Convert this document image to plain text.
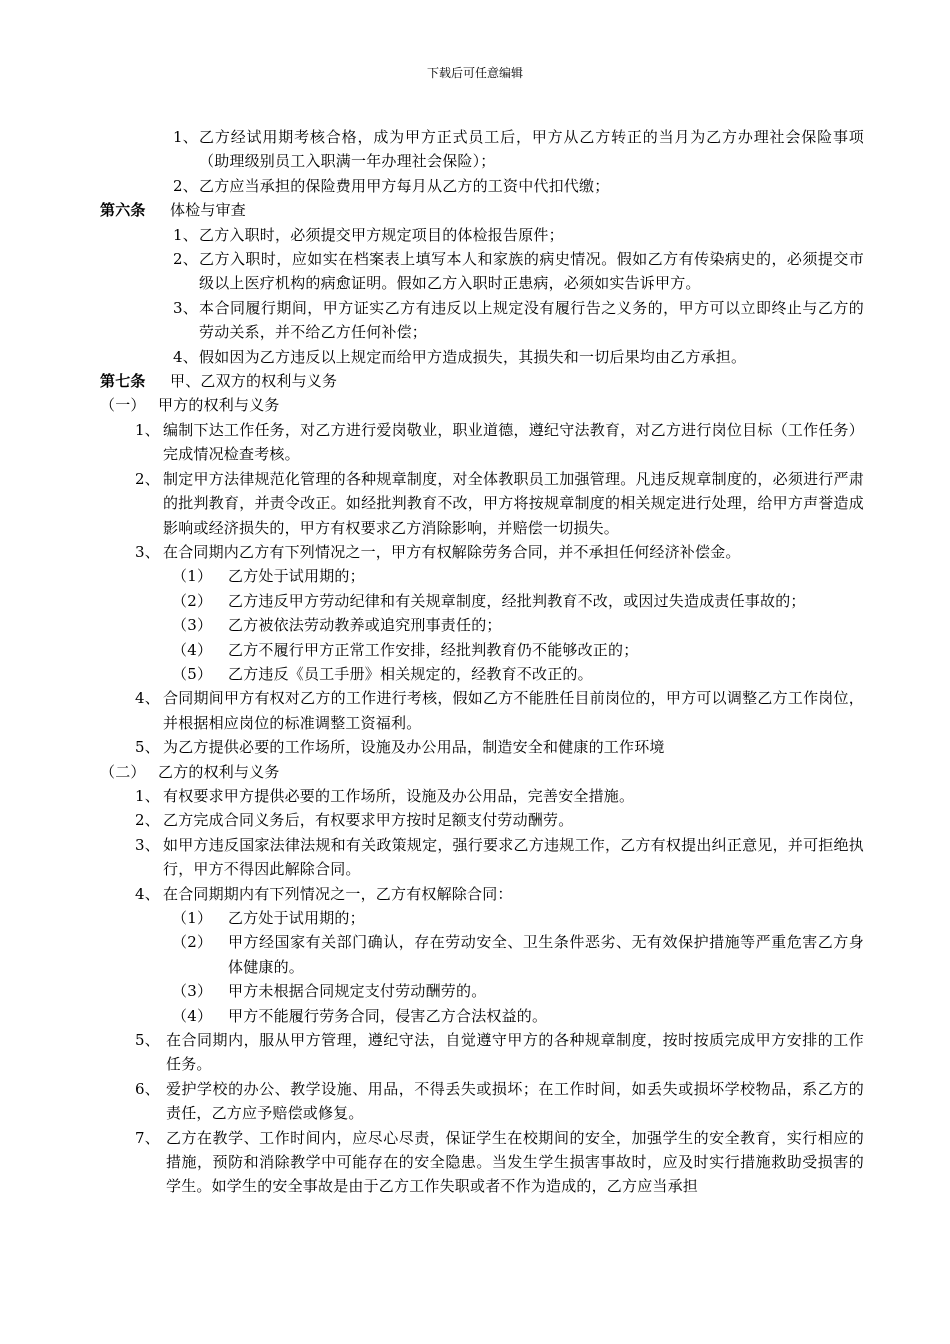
下载后可任意编辑
1、 乙方经试用期考核合格，成为甲方正式员工后，甲方从乙方转正的当月为乙方办理社会保险事项（助理级别员工入职满一年办理社会保险）；
2、 乙方应当承担的保险费用甲方每月从乙方的工资中代扣代缴；
第六条	体检与审查
1、 乙方入职时，必须提交甲方规定项目的体检报告原件；
2、 乙方入职时，应如实在档案表上填写本人和家族的病史情况。假如乙方有传染病史的，必须提交市级以上医疗机构的病愈证明。假如乙方入职时正患病，必须如实告诉甲方。
3、 本合同履行期间，甲方证实乙方有违反以上规定没有履行告之义务的，甲方可以立即终止与乙方的劳动关系，并不给乙方任何补偿；
4、 假如因为乙方违反以上规定而给甲方造成损失，其损失和一切后果均由乙方承担。
第七条	甲、乙双方的权利与义务
（一） 甲方的权利与义务
1、 编制下达工作任务，对乙方进行爱岗敬业，职业道德，遵纪守法教育，对乙方进行岗位目标（工作任务）完成情况检查考核。
2、 制定甲方法律规范化管理的各种规章制度，对全体教职员工加强管理。凡违反规章制度的，必须进行严肃的批判教育，并责令改正。如经批判教育不改，甲方将按规章制度的相关规定进行处理，给甲方声誉造成影响或经济损失的，甲方有权要求乙方消除影响，并赔偿一切损失。
3、 在合同期内乙方有下列情况之一，甲方有权解除劳务合同，并不承担任何经济补偿金。
（1）	乙方处于试用期的；
（2）	乙方违反甲方劳动纪律和有关规章制度，经批判教育不改，或因过失造成责任事故的；
（3）	乙方被依法劳动教养或追究刑事责任的；
（4）	乙方不履行甲方正常工作安排，经批判教育仍不能够改正的；
（5）	乙方违反《员工手册》相关规定的，经教育不改正的。
4、 合同期间甲方有权对乙方的工作进行考核，假如乙方不能胜任目前岗位的，甲方可以调整乙方工作岗位，并根据相应岗位的标准调整工资福利。
5、 为乙方提供必要的工作场所，设施及办公用品，制造安全和健康的工作环境
（二） 乙方的权利与义务
1、 有权要求甲方提供必要的工作场所，设施及办公用品，完善安全措施。
2、 乙方完成合同义务后，有权要求甲方按时足额支付劳动酬劳。
3、 如甲方违反国家法律法规和有关政策规定，强行要求乙方违规工作，乙方有权提出纠正意见，并可拒绝执行，甲方不得因此解除合同。
4、 在合同期期内有下列情况之一，乙方有权解除合同：
（1）	乙方处于试用期的；
（2）	甲方经国家有关部门确认，存在劳动安全、卫生条件恶劣、无有效保护措施等严重危害乙方身体健康的。
（3）	甲方未根据合同规定支付劳动酬劳的。
（4）	甲方不能履行劳务合同，侵害乙方合法权益的。
5、 在合同期内，服从甲方管理，遵纪守法，自觉遵守甲方的各种规章制度，按时按质完成甲方安排的工作任务。
6、 爱护学校的办公、教学设施、用品，不得丢失或损坏；在工作时间，如丢失或损坏学校物品，系乙方的责任，乙方应予赔偿或修复。
7、 乙方在教学、工作时间内，应尽心尽责，保证学生在校期间的安全，加强学生的安全教育，实行相应的措施，预防和消除教学中可能存在的安全隐患。当发生学生损害事故时，应及时实行措施救助受损害的学生。如学生的安全事故是由于乙方工作失职或者不作为造成的，乙方应当承担
